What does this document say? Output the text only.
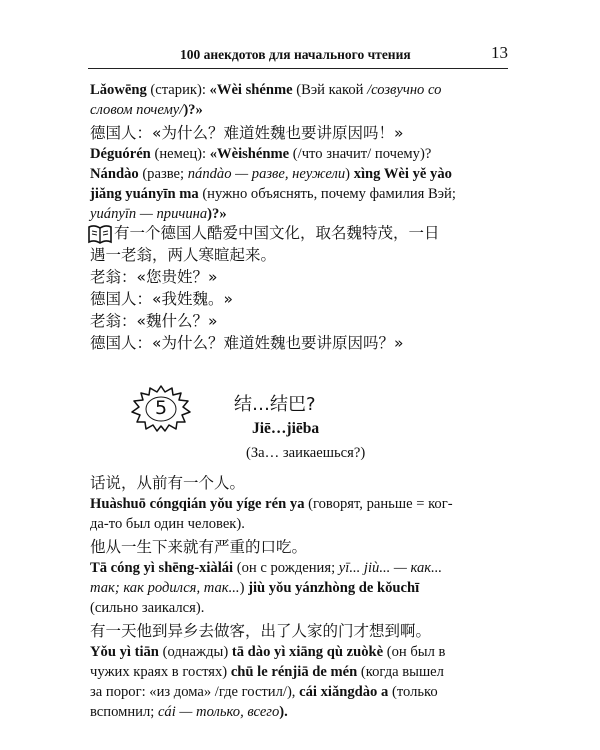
100 анекдотов для начального чтения	13
Lǎowēng (старик): «Wèi shénme (Вэй какой /созвучно со
словом почему/)?»
德国人：«为什么？难道姓魏也要讲原因吗！»
Déguórén (немец): «Wèishénme (/что значит/ почему)?
Nándào (разве; nándào — разве, неужели) xìng Wèi yě yào
jiǎng yuányīn ma (нужно объяснять, почему фамилия Вэй;
yuányīn — причина)?»
有一个德国人酷爱中国文化，取名魏特茂，一日
遇一老翁，两人寒暄起来。
老翁：«您贵姓？»
德国人：«我姓魏。»
老翁：«魏什么？»
德国人：«为什么？难道姓魏也要讲原因吗？»
5	结…结巴?
Jiē…jiēba
(За… заикаешься?)
话说，从前有一个人。
Huàshuō cóngqián yǒu yíge rén ya (говорят, раньше = ког-
да-то был один человек).
他从一生下来就有严重的口吃。
Tā cóng yì shēng-xiàlái (он с рождения; yī... jiù... — как...
так; как родился, так...) jiù yǒu yánzhòng de kǒuchī
(сильно заикался).
有一天他到异乡去做客，出了人家的门才想到啊。
Yǒu yì tiān (однажды) tā dào yì xiāng qù zuòkè (он был в
чужих краях в гостях) chū le rénjiā de mén (когда вышел
за порог: «из дома» /где гостил/), cái xiǎngdào a (только
вспомнил; cái — только, всего).
